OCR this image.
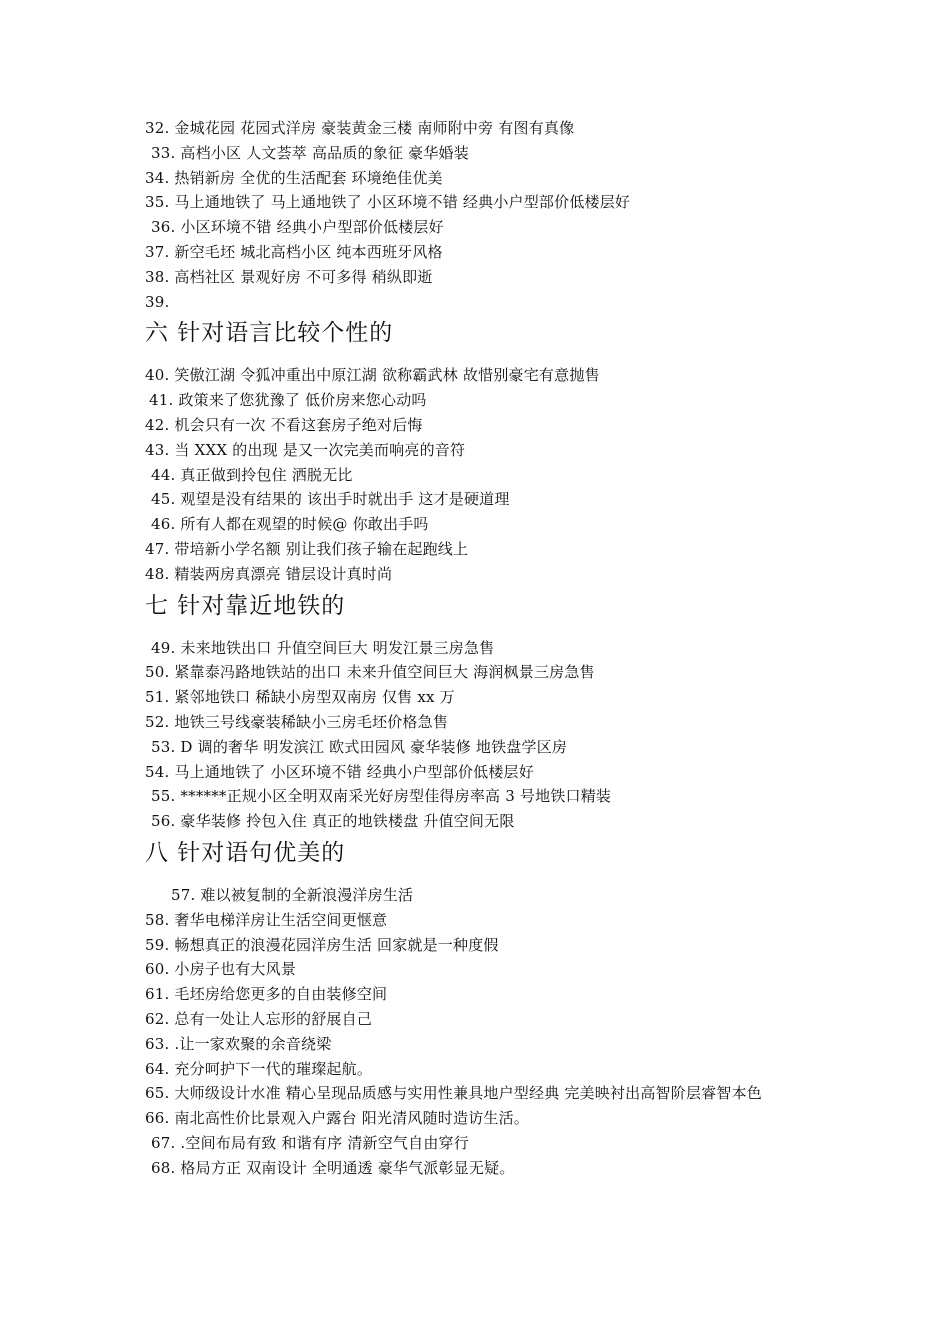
32. 金城花园 花园式洋房 豪装黄金三楼 南师附中旁 有图有真像
33. 高档小区 人文荟萃 高品质的象征 豪华婚装
34. 热销新房 全优的生活配套 环境绝佳优美
35. 马上通地铁了 马上通地铁了 小区环境不错 经典小户型部价低楼层好
36. 小区环境不错 经典小户型部价低楼层好
37. 新空毛坯 城北高档小区 纯本西班牙风格
38. 高档社区 景观好房 不可多得 稍纵即逝
39.
六 针对语言比较个性的
40. 笑傲江湖 令狐冲重出中原江湖 欲称霸武林 故惜别豪宅有意抛售
41. 政策来了您犹豫了 低价房来您心动吗
42. 机会只有一次 不看这套房子绝对后悔
43. 当 XXX 的出现 是又一次完美而响亮的音符
44. 真正做到拎包住 洒脱无比
45. 观望是没有结果的 该出手时就出手 这才是硬道理
46. 所有人都在观望的时候@ 你敢出手吗
47. 带培新小学名额 别让我们孩子输在起跑线上
48. 精装两房真漂亮 错层设计真时尚
七 针对靠近地铁的
49. 未来地铁出口 升值空间巨大 明发江景三房急售
50. 紧靠泰冯路地铁站的出口 未来升值空间巨大 海润枫景三房急售
51. 紧邻地铁口 稀缺小房型双南房 仅售 xx 万
52. 地铁三号线豪装稀缺小三房毛坯价格急售
53. D 调的奢华 明发滨江 欧式田园风 豪华装修 地铁盘学区房
54. 马上通地铁了 小区环境不错 经典小户型部价低楼层好
55. ******正规小区全明双南采光好房型佳得房率高 3 号地铁口精装
56. 豪华装修 拎包入住 真正的地铁楼盘 升值空间无限
八 针对语句优美的
57. 难以被复制的全新浪漫洋房生活
58. 奢华电梯洋房让生活空间更惬意
59. 畅想真正的浪漫花园洋房生活 回家就是一种度假
60. 小房子也有大风景
61. 毛坯房给您更多的自由装修空间
62. 总有一处让人忘形的舒展自己
63. .让一家欢聚的余音绕梁
64. 充分呵护下一代的璀璨起航。
65. 大师级设计水准 精心呈现品质感与实用性兼具地户型经典 完美映衬出高智阶层睿智本色
66. 南北高性价比景观入户露台 阳光清风随时造访生活。
67. .空间布局有致 和谐有序 清新空气自由穿行
68. 格局方正 双南设计 全明通透 豪华气派彰显无疑。
